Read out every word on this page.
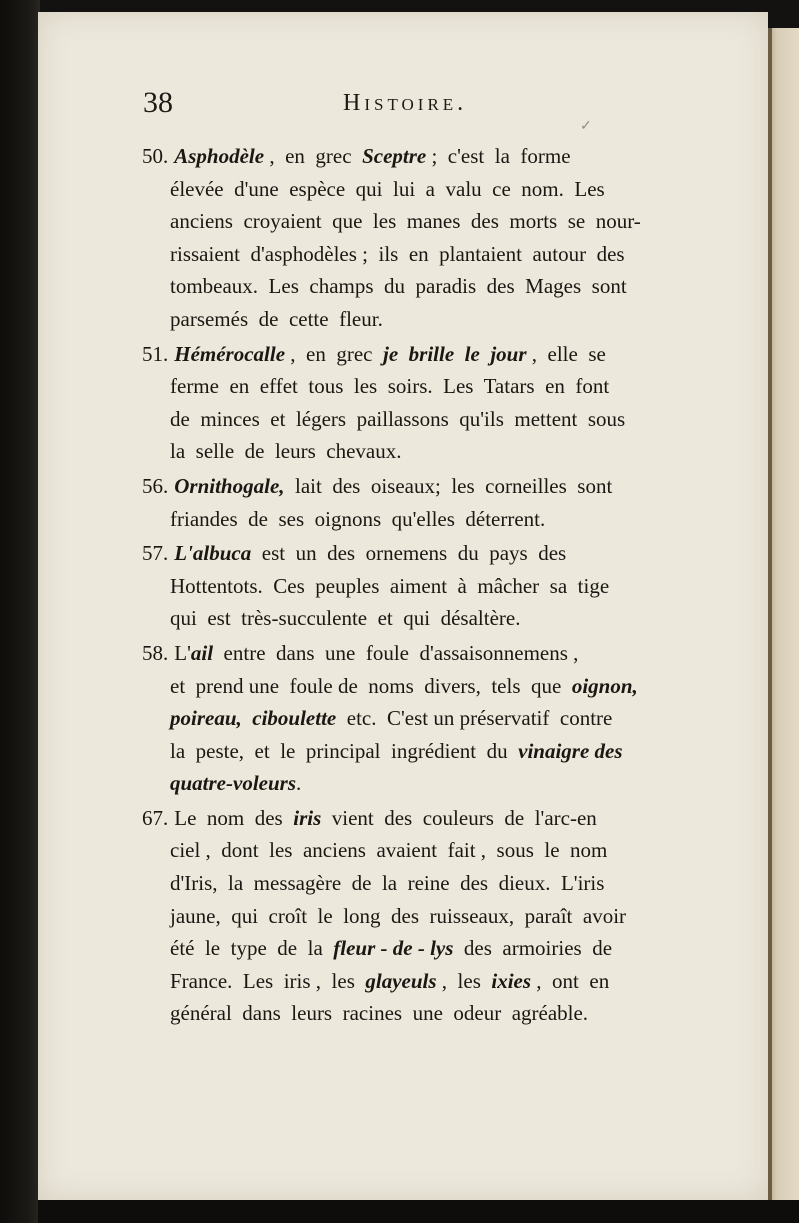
38	Histoire.
50. Asphodèle ,  en  grec  Sceptre ;  c'est  la  forme
élevée  d'une  espèce  qui  lui  a  valu  ce  nom.  Les
anciens  croyaient  que  les  manes  des  morts  se  nour-
rissaient  d'asphodèles ;  ils  en  plantaient  autour  des
tombeaux.  Les  champs  du  paradis  des  Mages  sont
parsemés  de  cette  fleur.
51. Hémérocalle ,  en  grec  je  brille  le  jour ,  elle  se
ferme  en  effet  tous  les  soirs.  Les  Tatars  en  font
de  minces  et  légers  paillassons  qu'ils  mettent  sous
la  selle  de  leurs  chevaux.
56. Ornithogale,  lait  des  oiseaux;  les  corneilles  sont
friandes  de  ses  oignons  qu'elles  déterrent.
57. L'albuca  est  un  des  ornemens  du  pays  des
Hottentots.  Ces  peuples  aiment  à  mâcher  sa  tige
qui  est  très-succulente  et  qui  désaltère.
58. L'ail  entre  dans  une  foule  d'assaisonnemens ,
et  prend une  foule de  noms  divers,  tels  que  oignon,
poireau,  ciboulette  etc.  C'est un préservatif  contre
la  peste,  et  le  principal  ingrédient  du  vinaigre des
quatre-voleurs.
67. Le  nom  des  iris  vient  des  couleurs  de  l'arc-en
ciel ,  dont  les  anciens  avaient  fait ,  sous  le  nom
d'Iris,  la  messagère  de  la  reine  des  dieux.  L'iris
jaune,  qui  croît  le  long  des  ruisseaux,  paraît  avoir
été  le  type  de  la  fleur - de - lys  des  armoiries  de
France.  Les  iris ,  les  glayeuls ,  les  ixies ,  ont  en
général  dans  leurs  racines  une  odeur  agréable.
✓
